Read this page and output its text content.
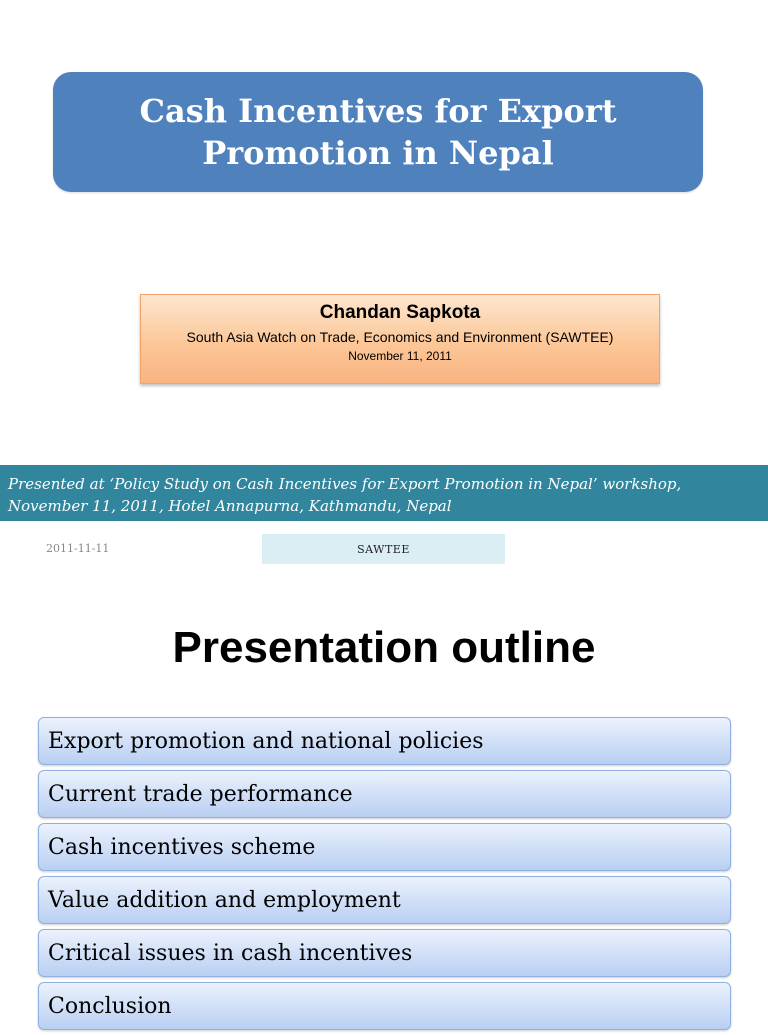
Cash Incentives for Export
Promotion in Nepal
Chandan Sapkota
South Asia Watch on Trade, Economics and Environment (SAWTEE)
November 11, 2011
Presented at ‘Policy Study on Cash Incentives for Export Promotion in Nepal’ workshop,
November 11, 2011, Hotel Annapurna, Kathmandu, Nepal
2011-11-11	SAWTEE
Presentation outline
Export promotion and national policies
Current trade performance
Cash incentives scheme
Value addition and employment
Critical issues in cash incentives
Conclusion
